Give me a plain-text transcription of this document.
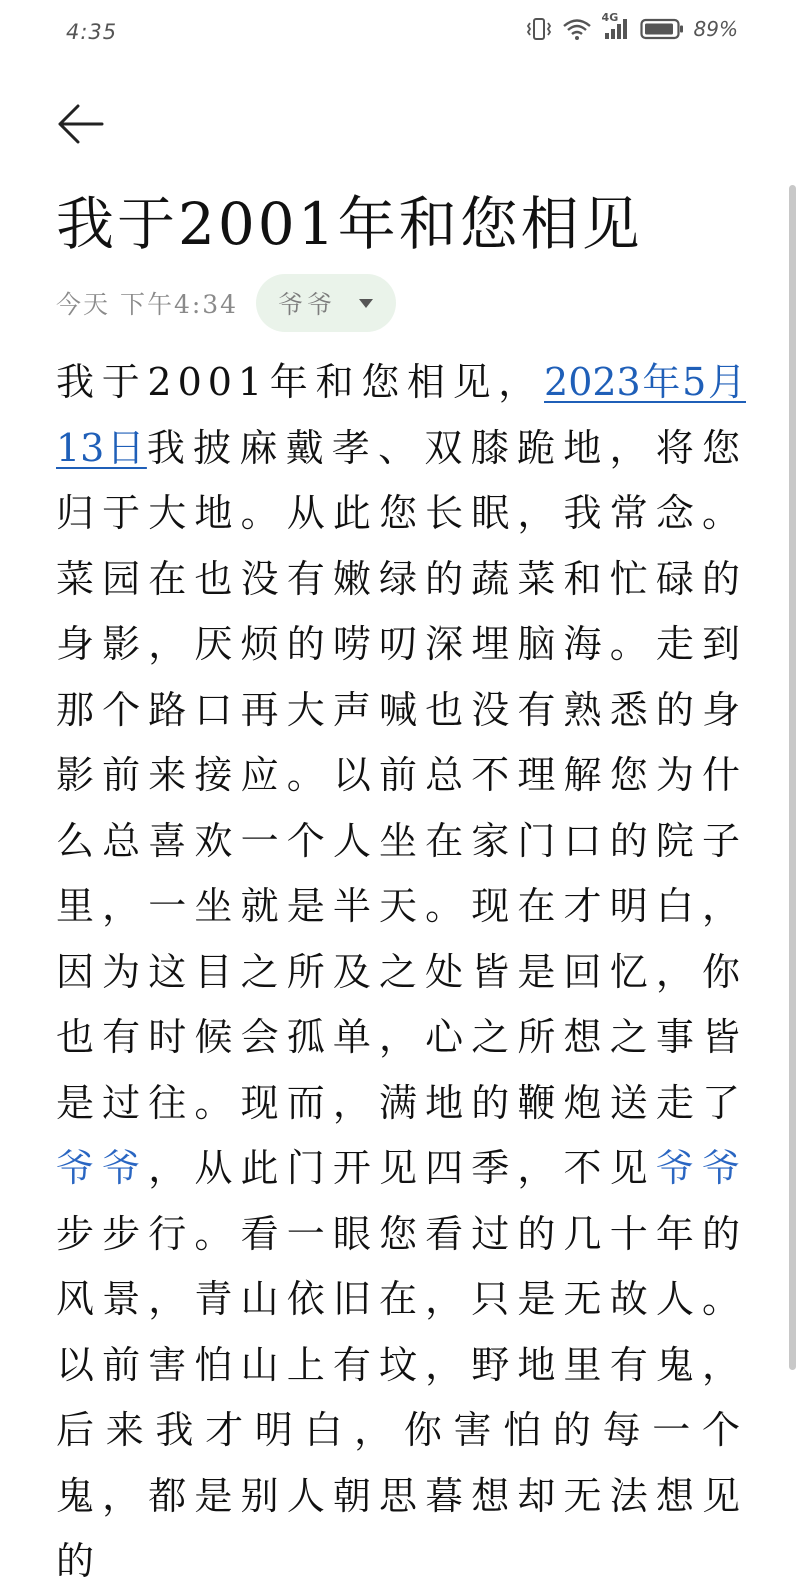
4:35
4G	89%
我于2001年和您相见
今天 下午4:34 爷爷

我于2001年和您相见，2023年5月13日我披麻戴孝、双膝跪地，将您归于大地。从此您长眠，我常念。菜园在也没有嫩绿的蔬菜和忙碌的身影，厌烦的唠叨深埋脑海。走到那个路口再大声喊也没有熟悉的身影前来接应。以前总不理解您为什么总喜欢一个人坐在家门口的院子里，一坐就是半天。现在才明白，因为这目之所及之处皆是回忆，你也有时候会孤单，心之所想之事皆是过往。现而，满地的鞭炮送走了爷爷，从此门开见四季，不见爷爷步步行。看一眼您看过的几十年的风景，青山依旧在，只是无故人。以前害怕山上有坟，野地里有鬼，后来我才明白，你害怕的每一个鬼，都是别人朝思暮想却无法想见的
